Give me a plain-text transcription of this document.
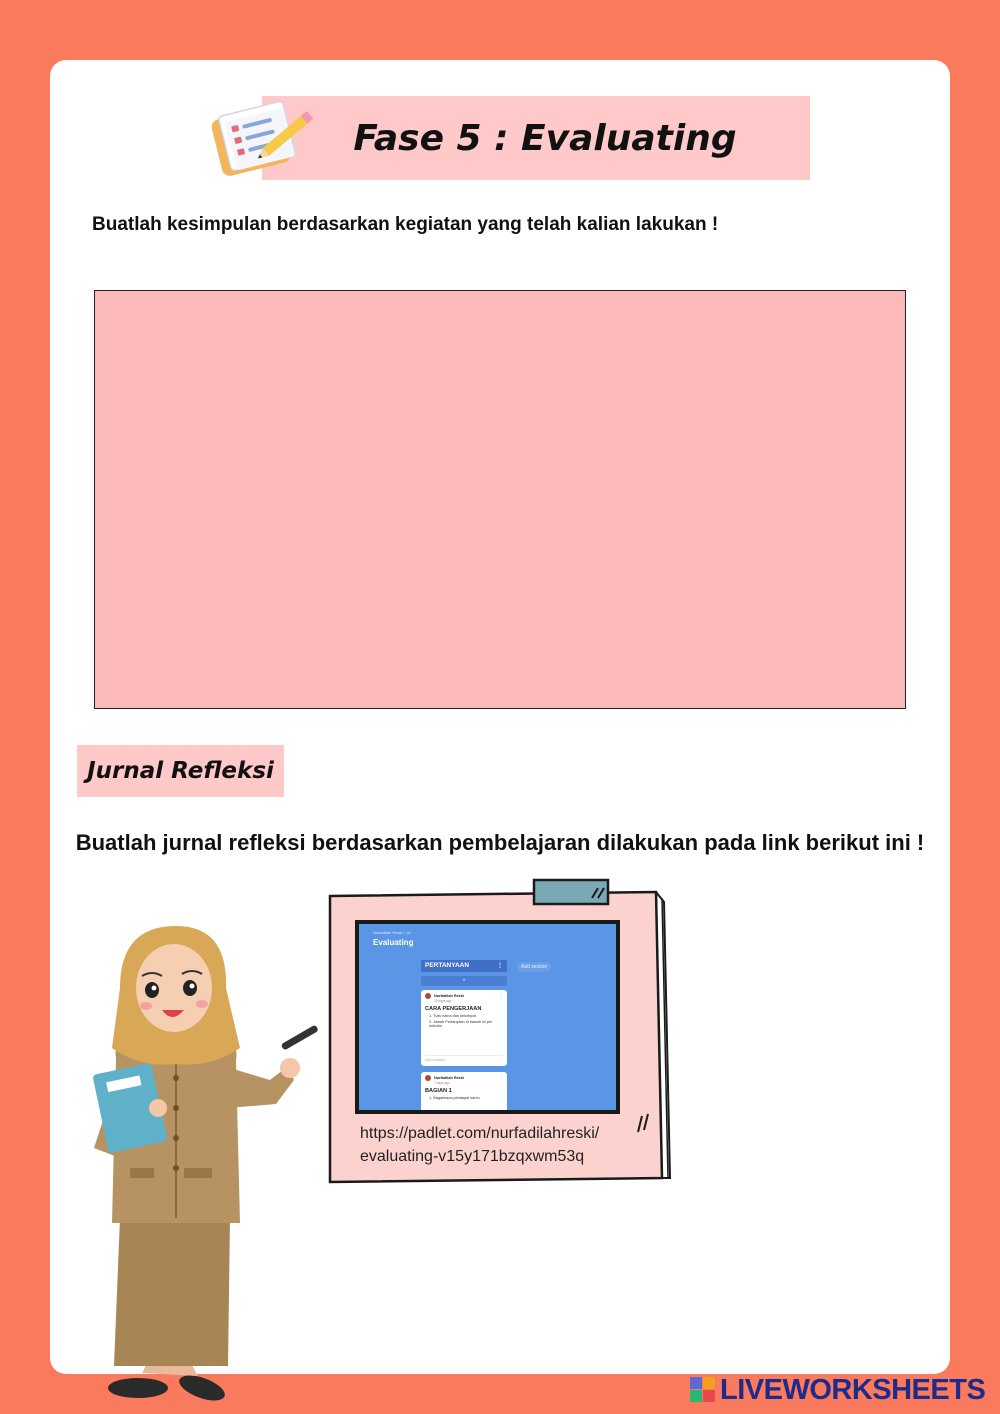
Fase 5 : Evaluating
Buatlah kesimpulan berdasarkan kegiatan yang telah kalian lakukan !
Jurnal Refleksi
Buatlah jurnal refleksi berdasarkan pembelajaran dilakukan pada link berikut ini !
Nurfadilah Reski • 1d
Evaluating
PERTANYAAN	⋮	Add section
+
⋮
Nurfadilah Reski
15 days ago
CARA PENGERJAAN
1. Tulis nama dan kelompok
2. Jawab Pertanyaan di bawah ini per individu
Add comment
⋮
Nurfadilah Reski
7 days ago
BAGIAN 1
1. Bagaimana pendapat kamu
https://padlet.com/nurfadilahreski/
evaluating-v15y171bzqxwm53q
LIVEWORKSHEETS
